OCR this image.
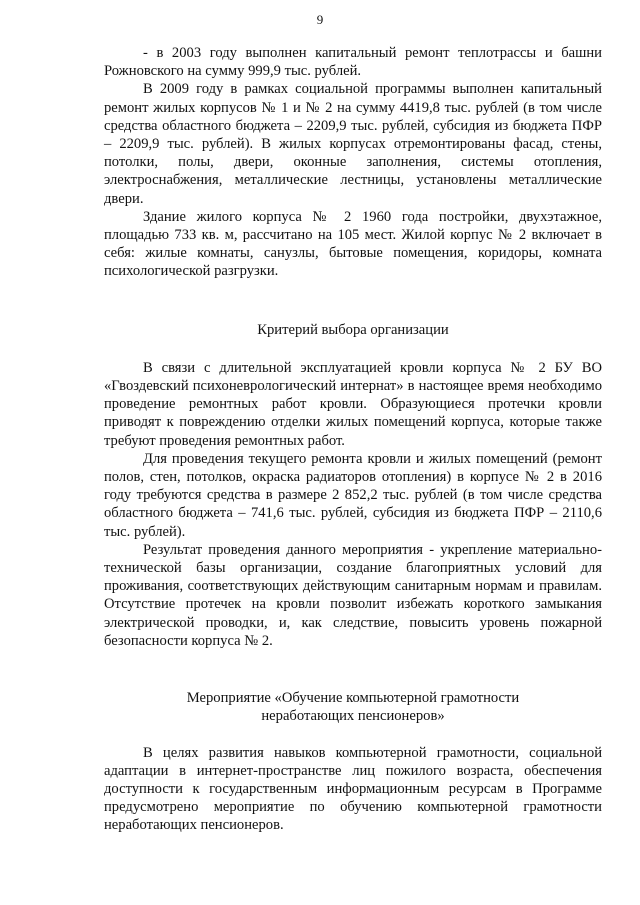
9

- в 2003 году выполнен капитальный ремонт теплотрассы и башни Рожновского на сумму 999,9 тыс. рублей.

В 2009 году в рамках социальной программы выполнен капитальный ремонт жилых корпусов № 1 и № 2 на сумму 4419,8 тыс. рублей (в том числе средства областного бюджета – 2209,9 тыс. рублей, субсидия из бюджета ПФР – 2209,9 тыс. рублей). В жилых корпусах отремонтированы фасад, стены, потолки, полы, двери, оконные заполнения, системы отопления, электроснабжения, металлические лестницы, установлены металлические двери.

Здание жилого корпуса № 2 1960 года постройки, двухэтажное, площадью 733 кв. м, рассчитано на 105 мест. Жилой корпус № 2 включает в себя: жилые комнаты, санузлы, бытовые помещения, коридоры, комната психологической разгрузки.

Критерий выбора организации

В связи с длительной эксплуатацией кровли корпуса № 2 БУ ВО «Гвоздевский психоневрологический интернат» в настоящее время необходимо проведение ремонтных работ кровли. Образующиеся протечки кровли приводят к повреждению отделки жилых помещений корпуса, которые также требуют проведения ремонтных работ.

Для проведения текущего ремонта кровли и жилых помещений (ремонт полов, стен, потолков, окраска радиаторов отопления) в корпусе № 2 в 2016 году требуются средства в размере 2 852,2 тыс. рублей (в том числе средства областного бюджета – 741,6 тыс. рублей, субсидия из бюджета ПФР – 2110,6 тыс. рублей).

Результат проведения данного мероприятия - укрепление материально-технической базы организации, создание благоприятных условий для проживания, соответствующих действующим санитарным нормам и правилам. Отсутствие протечек на кровли позволит избежать короткого замыкания электрической проводки, и, как следствие, повысить уровень пожарной безопасности корпуса № 2.

Мероприятие «Обучение компьютерной грамотности

неработающих пенсионеров»

В целях развития навыков компьютерной грамотности, социальной адаптации в интернет-пространстве лиц пожилого возраста, обеспечения доступности к государственным информационным ресурсам в Программе предусмотрено мероприятие по обучению компьютерной грамотности неработающих пенсионеров.
